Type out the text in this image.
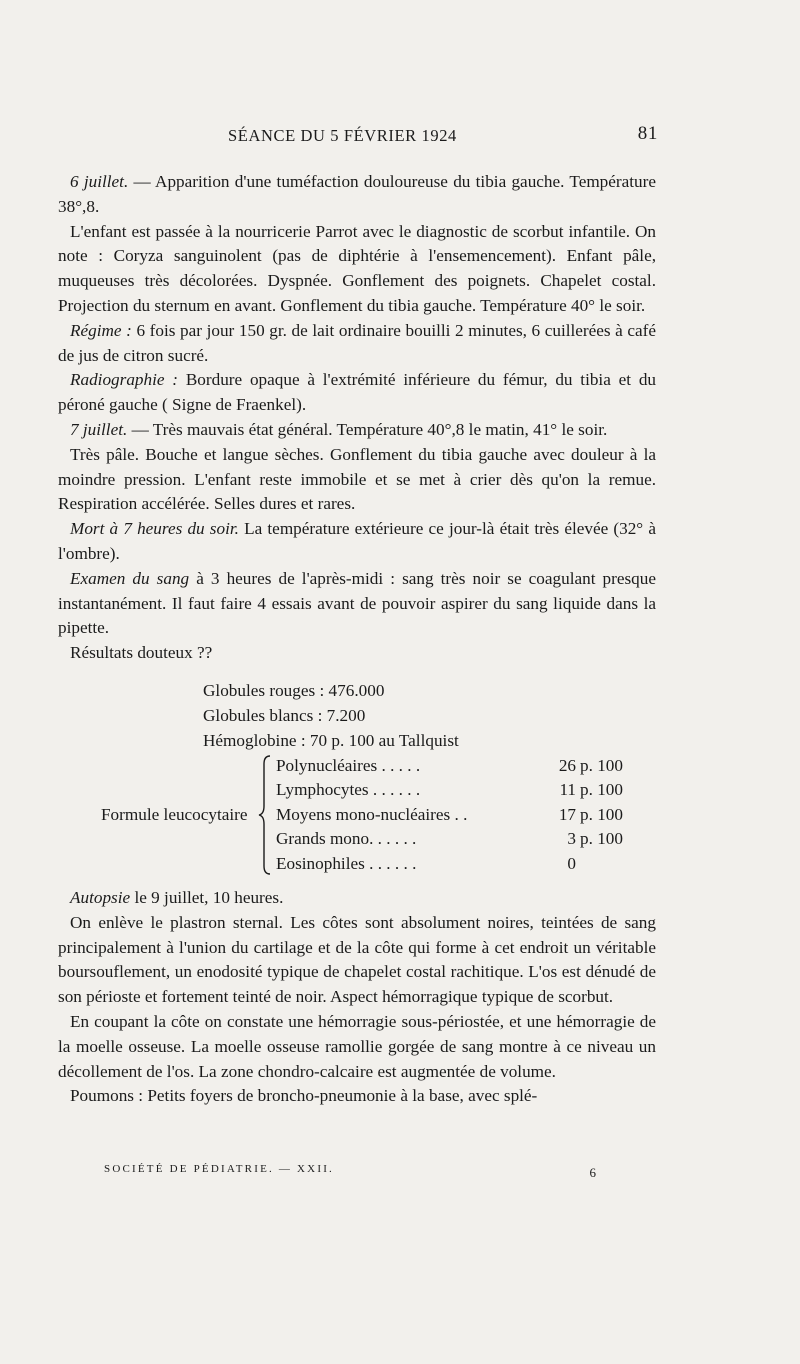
SÉANCE DU 5 FÉVRIER 1924	81

6 juillet. — Apparition d'une tuméfaction douloureuse du tibia gauche. Température 38°,8.

L'enfant est passée à la nourricerie Parrot avec le diagnostic de scorbut infantile. On note : Coryza sanguinolent (pas de diphtérie à l'ensemencement). Enfant pâle, muqueuses très décolorées. Dyspnée. Gonflement des poignets. Chapelet costal. Projection du sternum en avant. Gonflement du tibia gauche. Température 40° le soir.

Régime : 6 fois par jour 150 gr. de lait ordinaire bouilli 2 minutes, 6 cuillerées à café de jus de citron sucré.

Radiographie : Bordure opaque à l'extrémité inférieure du fémur, du tibia et du péroné gauche ( Signe de Fraenkel).

7 juillet. — Très mauvais état général. Température 40°,8 le matin, 41° le soir.

Très pâle. Bouche et langue sèches. Gonflement du tibia gauche avec douleur à la moindre pression. L'enfant reste immobile et se met à crier dès qu'on la remue. Respiration accélérée. Selles dures et rares.

Mort à 7 heures du soir. La température extérieure ce jour-là était très élevée (32° à l'ombre).

Examen du sang à 3 heures de l'après-midi : sang très noir se coagulant presque instantanément. Il faut faire 4 essais avant de pouvoir aspirer du sang liquide dans la pipette.

Résultats douteux ??

Globules rouges : 476.000
Globules blancs : 7.200
Hémoglobine : 70 p. 100 au Tallquist
Formule leucocytaire
Polynucléaires . . . . .	26	p. 100
Lymphocytes . . . . . .	11	p. 100
Moyens mono-nucléaires . .	17	p. 100
Grands mono. . . . . .	3	p. 100
Eosinophiles . . . . . .	0	

Autopsie le 9 juillet, 10 heures.

On enlève le plastron sternal. Les côtes sont absolument noires, teintées de sang principalement à l'union du cartilage et de la côte qui forme à cet endroit un véritable boursouflement, un enodosité typique de chapelet costal rachitique. L'os est dénudé de son périoste et fortement teinté de noir. Aspect hémorragique typique de scorbut.

En coupant la côte on constate une hémorragie sous-périostée, et une hémorragie de la moelle osseuse. La moelle osseuse ramollie gorgée de sang montre à ce niveau un décollement de l'os. La zone chondro-calcaire est augmentée de volume.

Poumons : Petits foyers de broncho-pneumonie à la base, avec splé-

SOCIÉTÉ DE PÉDIATRIE. — XXII.	6
